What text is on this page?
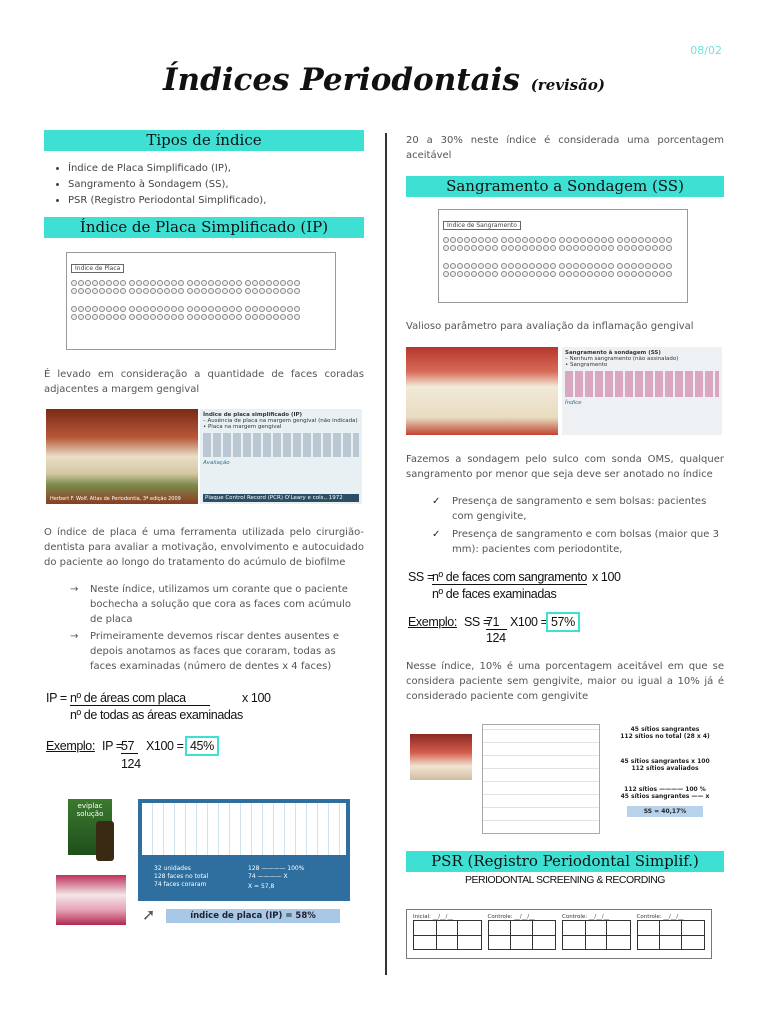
08/02
Índices Periodontais (revisão)
Tipos de índice
• Índice de Placa Simplificado (IP),
• Sangramento à Sondagem (SS),
• PSR (Registro Periodontal Simplificado),
Índice de Placa Simplificado (IP)
Índice de Placa

É levado em consideração a quantidade de faces coradas adjacentes a margem gengival

Herbert F. Wolf. Atlas de Periodontia, 3ª edição 2009
Índice de placa simplificado (IP)
– Ausência de placa na margem gengival (não indicada)
• Placa na margem gengival
Avaliação
Plaque Control Record (PCR) O'Leary e cols., 1972

O índice de placa é uma ferramenta utilizada pelo cirurgião-dentista para avaliar a motivação, envolvimento e autocuidado do paciente ao longo do tratamento do acúmulo de biofilme

→ Neste índice, utilizamos um corante que o paciente bochecha a solução que cora as faces com acúmulo de placa
→ Primeiramente devemos riscar dentes ausentes e depois anotamos as faces que coraram, todas as faces examinadas (número de dentes x 4 faces)
IP = nº de áreas com placa	x 100
nº de todas as áreas examinadas
Exemplo: IP =
57 X100 = 45%
124
eviplac solução
32 unidades
128 faces no total
74 faces coraram
128 ———— 100%
74 ———— X
X = 57,8
➚	índice de placa (IP) = 58%

20 a 30% neste índice é considerada uma porcentagem aceitável

Sangramento a Sondagem (SS)
Índice de Sangramento

Valioso parâmetro para avaliação da inflamação gengival

Sangramento à sondagem (SS)
– Nenhum sangramento (não assinalado)
• Sangramento
Índice

Fazemos a sondagem pelo sulco com sonda OMS, qualquer sangramento por menor que seja deve ser anotado no índice

✓ Presença de sangramento e sem bolsas: pacientes com gengivite,
✓ Presença de sangramento e com bolsas (maior que 3 mm): pacientes com periodontite,
SS =
nº de faces com sangramento x 100
nº de faces examinadas
Exemplo: SS =
71 X100 = 57%
124

Nesse índice, 10% é uma porcentagem aceitável em que se considera paciente sem gengivite, maior ou igual a 10% já é considerado paciente com gengivite

45 sítios sangrantes
112 sítios no total (28 x 4)
45 sítios sangrantes x 100
112 sítios avaliados
112 sítios ———— 100 %
45 sítios sangrantes —— x
SS = 40,17%
PSR (Registro Periodontal Simplif.)
PERIODONTAL SCREENING & RECORDING
Inicial: __/__/__	Controle: __/__/__	Controle: __/__/__	Controle: __/__/__
